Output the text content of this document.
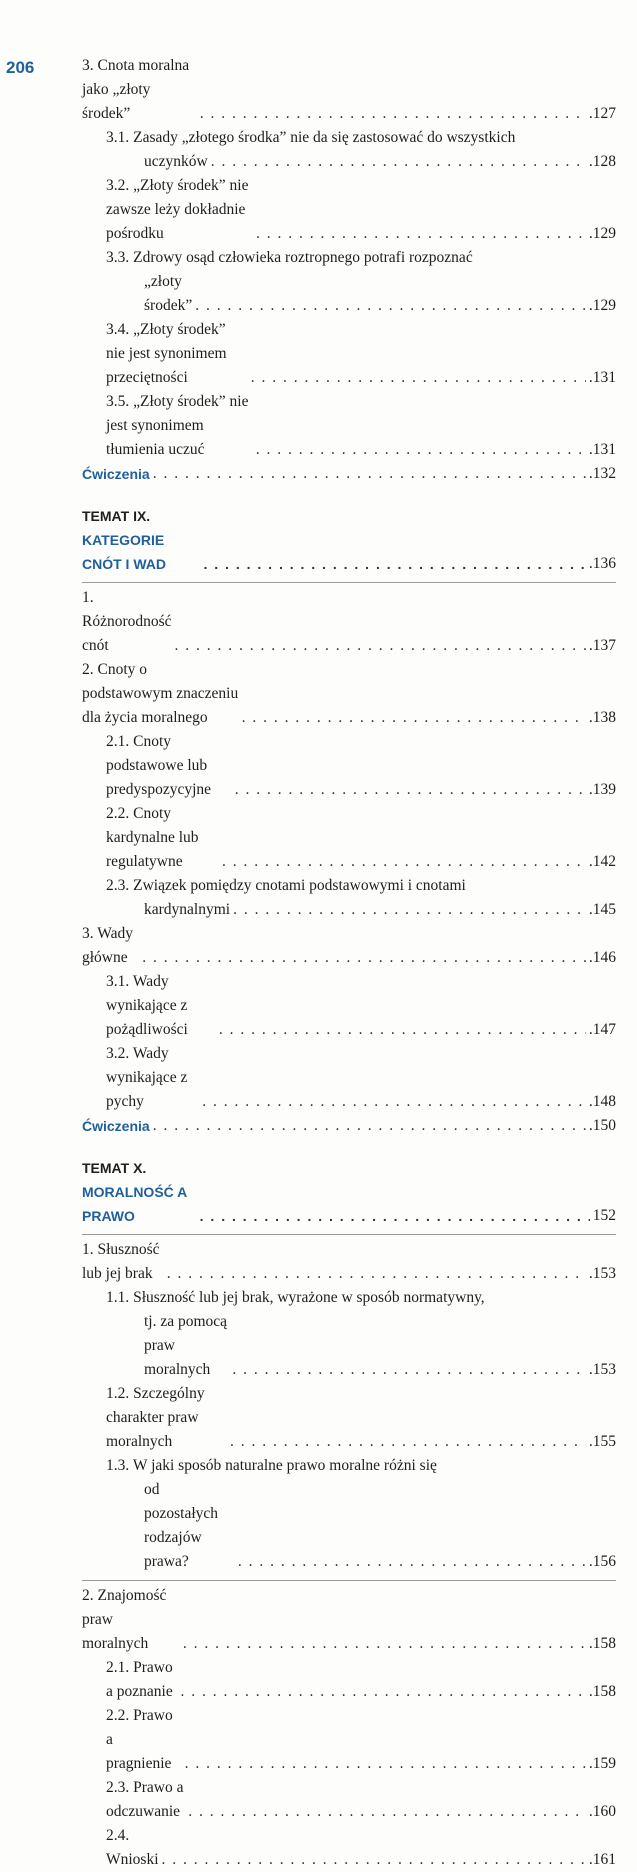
206	3. Cnota moralna jako „złoty środek” . . .	.127
3.1. Zasady „złotego środka” nie da się zastosować do wszystkich
uczynków . . .	.128
3.2. „Złoty środek” nie zawsze leży dokładnie pośrodku . . .	.129
3.3. Zdrowy osąd człowieka roztropnego potrafi rozpoznać
„złoty środek” . . .	.129
3.4. „Złoty środek” nie jest synonimem przeciętności . . .	.131
3.5. „Złoty środek” nie jest synonimem tłumienia uczuć . . .	.131
Ćwiczenia . . .	.132
TEMAT IX. KATEGORIE CNÓT I WAD . . .	.136
1. Różnorodność cnót . . .	.137
2. Cnoty o podstawowym znaczeniu dla życia moralnego . . .	.138
2.1. Cnoty podstawowe lub predyspozycyjne . . .	.139
2.2. Cnoty kardynalne lub regulatywne . . .	.142
2.3. Związek pomiędzy cnotami podstawowymi i cnotami
kardynalnymi . . .	.145
3. Wady główne . . .	.146
3.1. Wady wynikające z pożądliwości . . .	.147
3.2. Wady wynikające z pychy . . .	.148
Ćwiczenia . . .	.150
TEMAT X. MORALNOŚĆ A PRAWO . . .	152
1. Słuszność lub jej brak . . .	.153
1.1. Słuszność lub jej brak, wyrażone w sposób normatywny,
tj. za pomocą praw moralnych . . .	.153
1.2. Szczególny charakter praw moralnych . . .	.155
1.3. W jaki sposób naturalne prawo moralne różni się
od pozostałych rodzajów prawa? . . .	.156
2. Znajomość praw moralnych . . .	.158
2.1. Prawo a poznanie . . .	.158
2.2. Prawo a pragnienie . . .	.159
2.3. Prawo a odczuwanie . . .	.160
2.4. Wnioski . . .	.161
